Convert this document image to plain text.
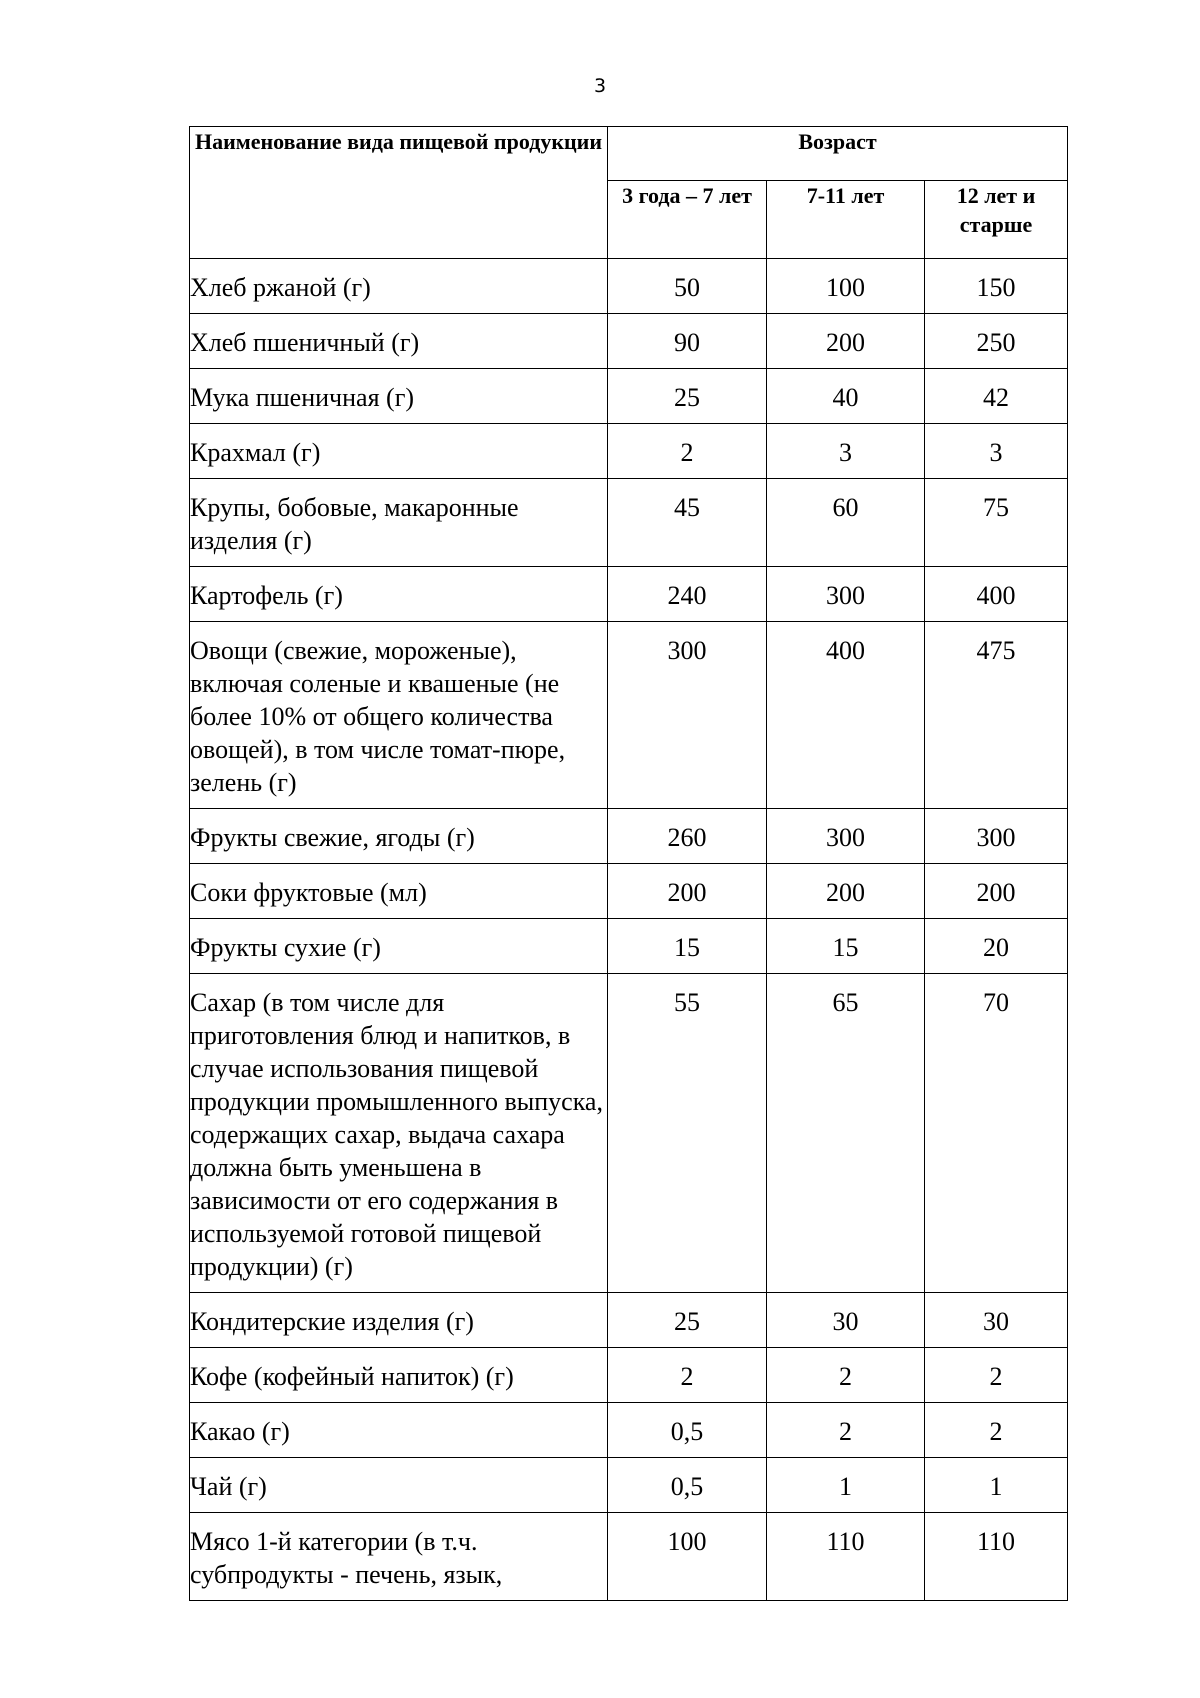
3
Наименование вида пищевой продукции	Возраст		
	3 года – 7 лет	7-11 лет	12 лет и старше
Хлеб ржаной (г)	50	100	150
Хлеб пшеничный (г)	90	200	250
Мука пшеничная (г)	25	40	42
Крахмал (г)	2	3	3
Крупы, бобовые, макаронные изделия (г)	45	60	75
Картофель (г)	240	300	400
Овощи (свежие, мороженые), включая соленые и квашеные (не более 10% от общего количества овощей), в том числе томат-пюре, зелень (г)	300	400	475
Фрукты свежие, ягоды (г)	260	300	300
Соки фруктовые (мл)	200	200	200
Фрукты сухие (г)	15	15	20
Сахар (в том числе для приготовления блюд и напитков, в случае использования пищевой продукции промышленного выпуска, содержащих сахар, выдача сахара должна быть уменьшена в зависимости от его содержания в используемой готовой пищевой продукции) (г)	55	65	70
Кондитерские изделия (г)	25	30	30
Кофе (кофейный напиток) (г)	2	2	2
Какао (г)	0,5	2	2
Чай (г)	0,5	1	1
Мясо 1-й категории (в т.ч. субпродукты - печень, язык,	100	110	110
